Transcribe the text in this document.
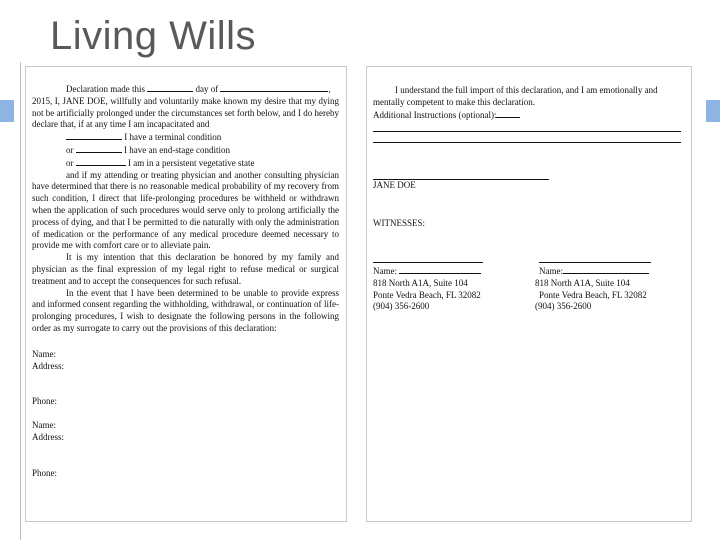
Living Wills

Declaration made this	day of	,

2015, I, JANE DOE, willfully and voluntarily make known my desire that my dying not be artificially prolonged under the circumstances set forth below, and I do hereby declare that, if at any time I am incapacitated and

I have a terminal condition

or	I have an end-stage condition

or	I am in a persistent vegetative state

and if my attending or treating physician and another consulting physician have determined that there is no reasonable medical probability of my recovery from such condition, I direct that life-prolonging procedures be withheld or withdrawn when the application of such procedures would serve only to prolong artificially the process of dying, and that I be permitted to die naturally with only the administration of medication or the performance of any medical procedure deemed necessary to provide me with comfort care or to alleviate pain.

It is my intention that this declaration be honored by my family and physician as the final expression of my legal right to refuse medical or surgical treatment and to accept the consequences for such refusal.

In the event that I have been determined to be unable to provide express and informed consent regarding the withholding, withdrawal, or continuation of life-prolonging procedures, I wish to designate the following persons in the following order as my surrogate to carry out the provisions of this declaration:

Name:

Address:

Phone:

Name:

Address:

Phone:

I understand the full import of this declaration, and I am emotionally and mentally competent to make this declaration.

Additional Instructions (optional):

JANE DOE

WITNESSES:

Name:

818 North A1A, Suite 104

Ponte Vedra Beach, FL 32082

(904) 356-2600

Name:

818 North A1A, Suite 104

Ponte Vedra Beach, FL 32082

(904) 356-2600
